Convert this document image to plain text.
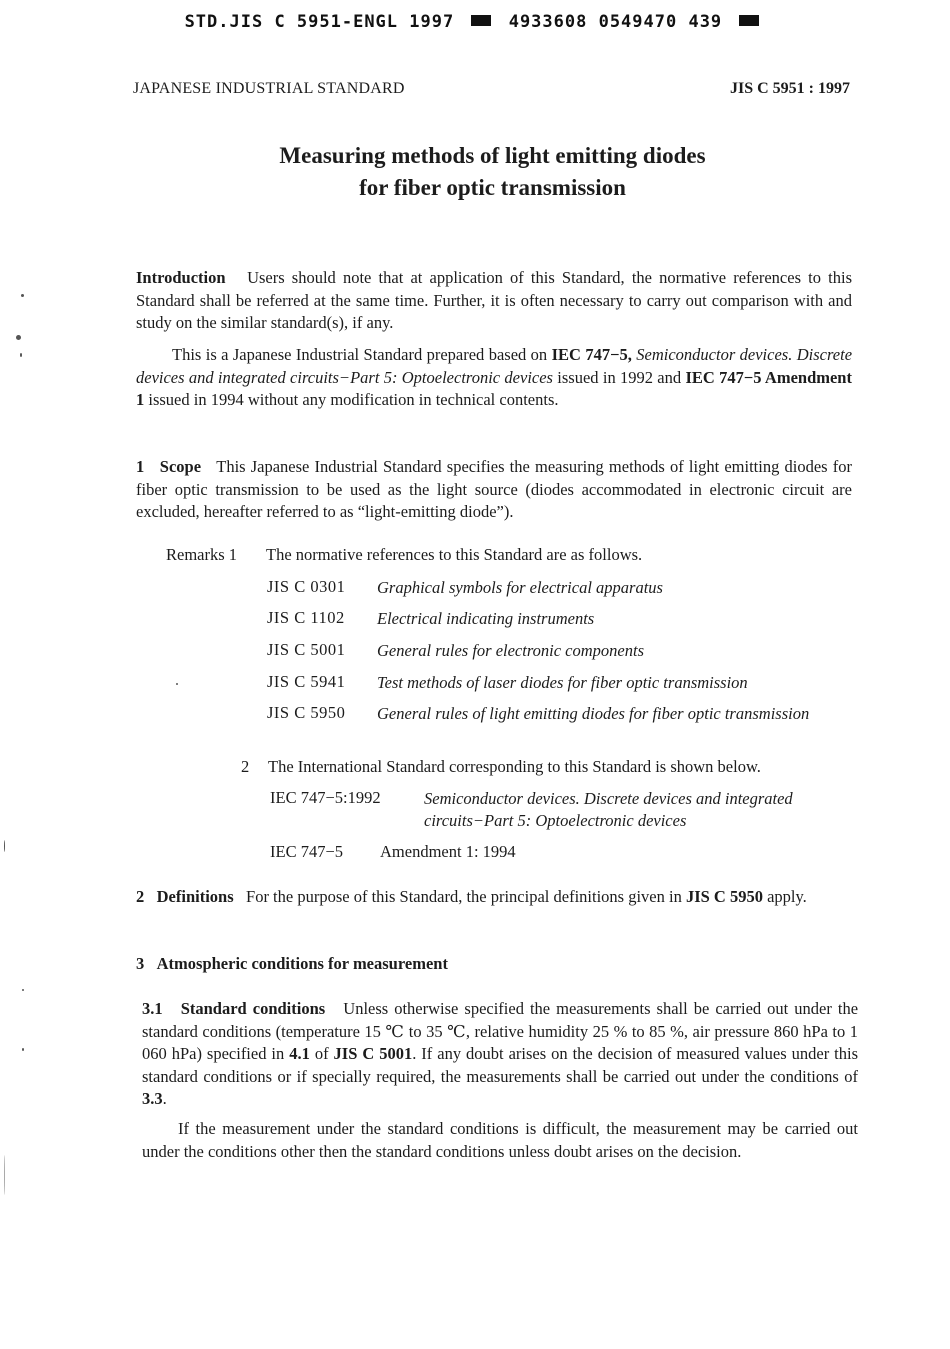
STD.JIS C 5951-ENGL 1997	4933608 0549470 439
JAPANESE INDUSTRIAL STANDARD	JIS C 5951 : 1997
Measuring methods of light emitting diodes
for fiber optic transmission
Introduction Users should note that at application of this Standard, the normative references to this Standard shall be referred at the same time. Further, it is often necessary to carry out comparison with and study on the similar standard(s), if any.
This is a Japanese Industrial Standard prepared based on IEC 747−5, Semiconductor devices. Discrete devices and integrated circuits−Part 5: Optoelectronic devices issued in 1992 and IEC 747−5 Amendment 1 issued in 1994 without any modification in technical contents.
1 Scope This Japanese Industrial Standard specifies the measuring methods of light emitting diodes for fiber optic transmission to be used as the light source (diodes accommodated in electronic circuit are excluded, hereafter referred to as “light-emitting diode”).
Remarks 1 The normative references to this Standard are as follows.
JIS C 0301	Graphical symbols for electrical apparatus
JIS C 1102	Electrical indicating instruments
JIS C 5001	General rules for electronic components
JIS C 5941	Test methods of laser diodes for fiber optic transmission
JIS C 5950	General rules of light emitting diodes for fiber optic transmission
2 The International Standard corresponding to this Standard is shown below.
IEC 747−5:1992	Semiconductor devices. Discrete devices and integrated circuits−Part 5: Optoelectronic devices
IEC 747−5 Amendment 1: 1994
2 Definitions For the purpose of this Standard, the principal definitions given in JIS C 5950 apply.
3 Atmospheric conditions for measurement
3.1 Standard conditions Unless otherwise specified the measurements shall be carried out under the standard conditions (temperature 15 ℃ to 35 ℃, relative humidity 25 % to 85 %, air pressure 860 hPa to 1 060 hPa) specified in 4.1 of JIS C 5001. If any doubt arises on the decision of measured values under this standard conditions or if specially required, the measurements shall be carried out under the conditions of 3.3.
If the measurement under the standard conditions is difficult, the measurement may be carried out under the conditions other then the standard conditions unless doubt arises on the decision.
